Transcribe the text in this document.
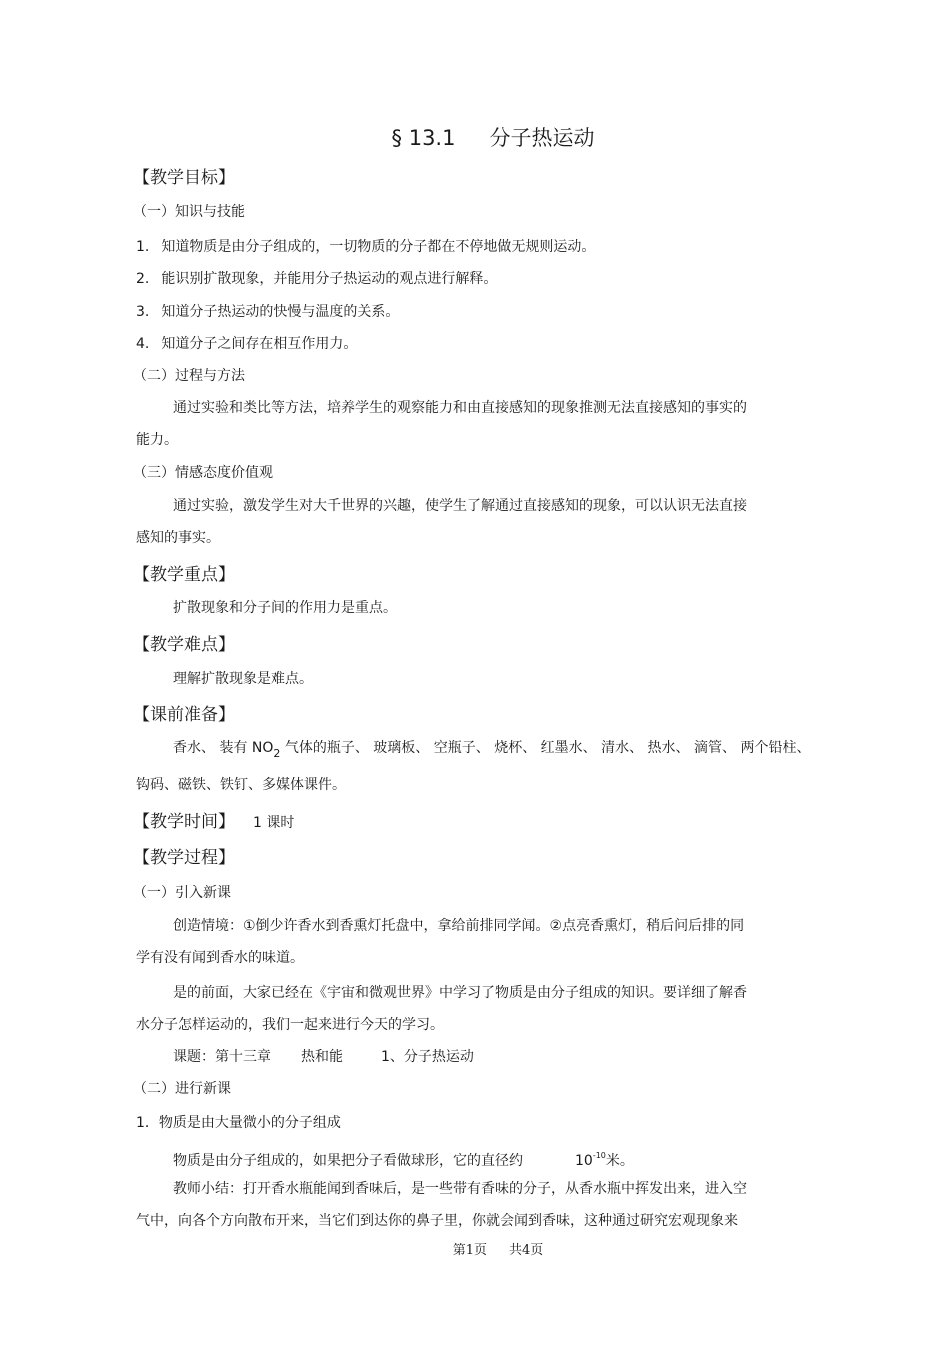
§ 13.1 分子热运动
【教学目标】
（一）知识与技能
1. 知道物质是由分子组成的，一切物质的分子都在不停地做无规则运动。
2. 能识别扩散现象，并能用分子热运动的观点进行解释。
3. 知道分子热运动的快慢与温度的关系。
4. 知道分子之间存在相互作用力。
（二）过程与方法
通过实验和类比等方法，培养学生的观察能力和由直接感知的现象推测无法直接感知的事实的
能力。
（三）情感态度价值观
通过实验，激发学生对大千世界的兴趣，使学生了解通过直接感知的现象，可以认识无法直接
感知的事实。
【教学重点】
扩散现象和分子间的作用力是重点。
【教学难点】
理解扩散现象是难点。
【课前准备】
香水、 装有 $NO_2$ 气体的瓶子、 玻璃板、 空瓶子、 烧杯、 红墨水、 清水、 热水、 滴管、 两个铅柱、
钩码、磁铁、铁钉、多媒体课件。
【教学时间】 1 课时
【教学过程】
（一）引入新课
创造情境：①倒少许香水到香熏灯托盘中，拿给前排同学闻。②点亮香熏灯，稍后问后排的同
学有没有闻到香水的味道。
是的前面，大家已经在《宇宙和微观世界》中学习了物质是由分子组成的知识。要详细了解香
水分子怎样运动的，我们一起来进行今天的学习。
课题：第十三章 热和能	1、分子热运动
（二）进行新课
1．物质是由大量微小的分子组成
物质是由分子组成的，如果把分子看做球形，它的直径约	$10^{-10}$米。
教师小结：打开香水瓶能闻到香味后，是一些带有香味的分子，从香水瓶中挥发出来，进入空
气中，向各个方向散布开来，当它们到达你的鼻子里，你就会闻到香味，这种通过研究宏观现象来
第1页 共4页
